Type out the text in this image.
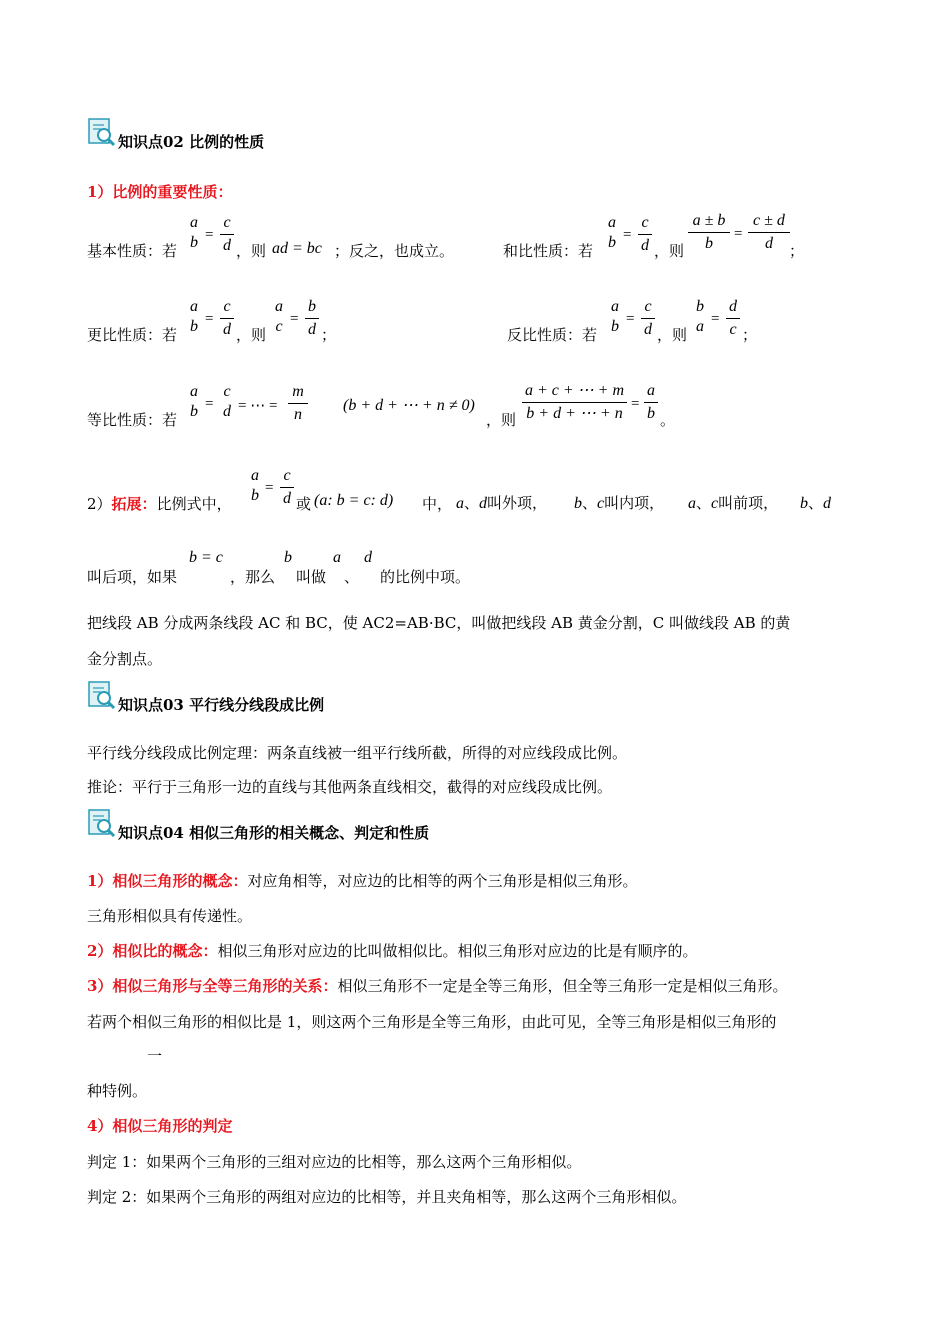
知识点02 比例的性质
1）比例的重要性质：
基本性质：若
a
b =
c
d ，则 ad = bc ；反之，也成立。	和比性质：若
a
b =
c
d ，则
a ± b
b
=
c ± d
d	；
更比性质：若
a
b =
c
d ，则
a
c =
b
d ；	反比性质：若
a
b =
c
d ，则
b
a =
d
c ；
等比性质：若
a
b =
c
d = ⋯ =
m
n
(b + d + ⋯ + n ≠ 0)
，则
a + c + ⋯ + m
b + d + ⋯ + n
=
a
b 。
2）拓展：比例式中，
a
b =
c
d 或 (a: b = c: d) 中， a、d叫外项， b、c叫内项， a、c叫前项， b、d
叫后项，如果
b = c
，那么
b
叫做
a
、
d
的比例中项。
把线段 AB 分成两条线段 AC 和 BC，使 AC2=AB·BC，叫做把线段 AB 黄金分割，C 叫做线段 AB 的黄
金分割点。
知识点03 平行线分线段成比例
平行线分线段成比例定理：两条直线被一组平行线所截，所得的对应线段成比例。
推论：平行于三角形一边的直线与其他两条直线相交，截得的对应线段成比例。
知识点04 相似三角形的相关概念、判定和性质
1）相似三角形的概念：对应角相等，对应边的比相等的两个三角形是相似三角形。
三角形相似具有传递性。
2）相似比的概念：相似三角形对应边的比叫做相似比。相似三角形对应边的比是有顺序的。
3）相似三角形与全等三角形的关系：相似三角形不一定是全等三角形，但全等三角形一定是相似三角形。
若两个相似三角形的相似比是 1，则这两个三角形是全等三角形，由此可见，全等三角形是相似三角形的
一
种特例。
4）相似三角形的判定
判定 1：如果两个三角形的三组对应边的比相等，那么这两个三角形相似。
判定 2：如果两个三角形的两组对应边的比相等，并且夹角相等，那么这两个三角形相似。
